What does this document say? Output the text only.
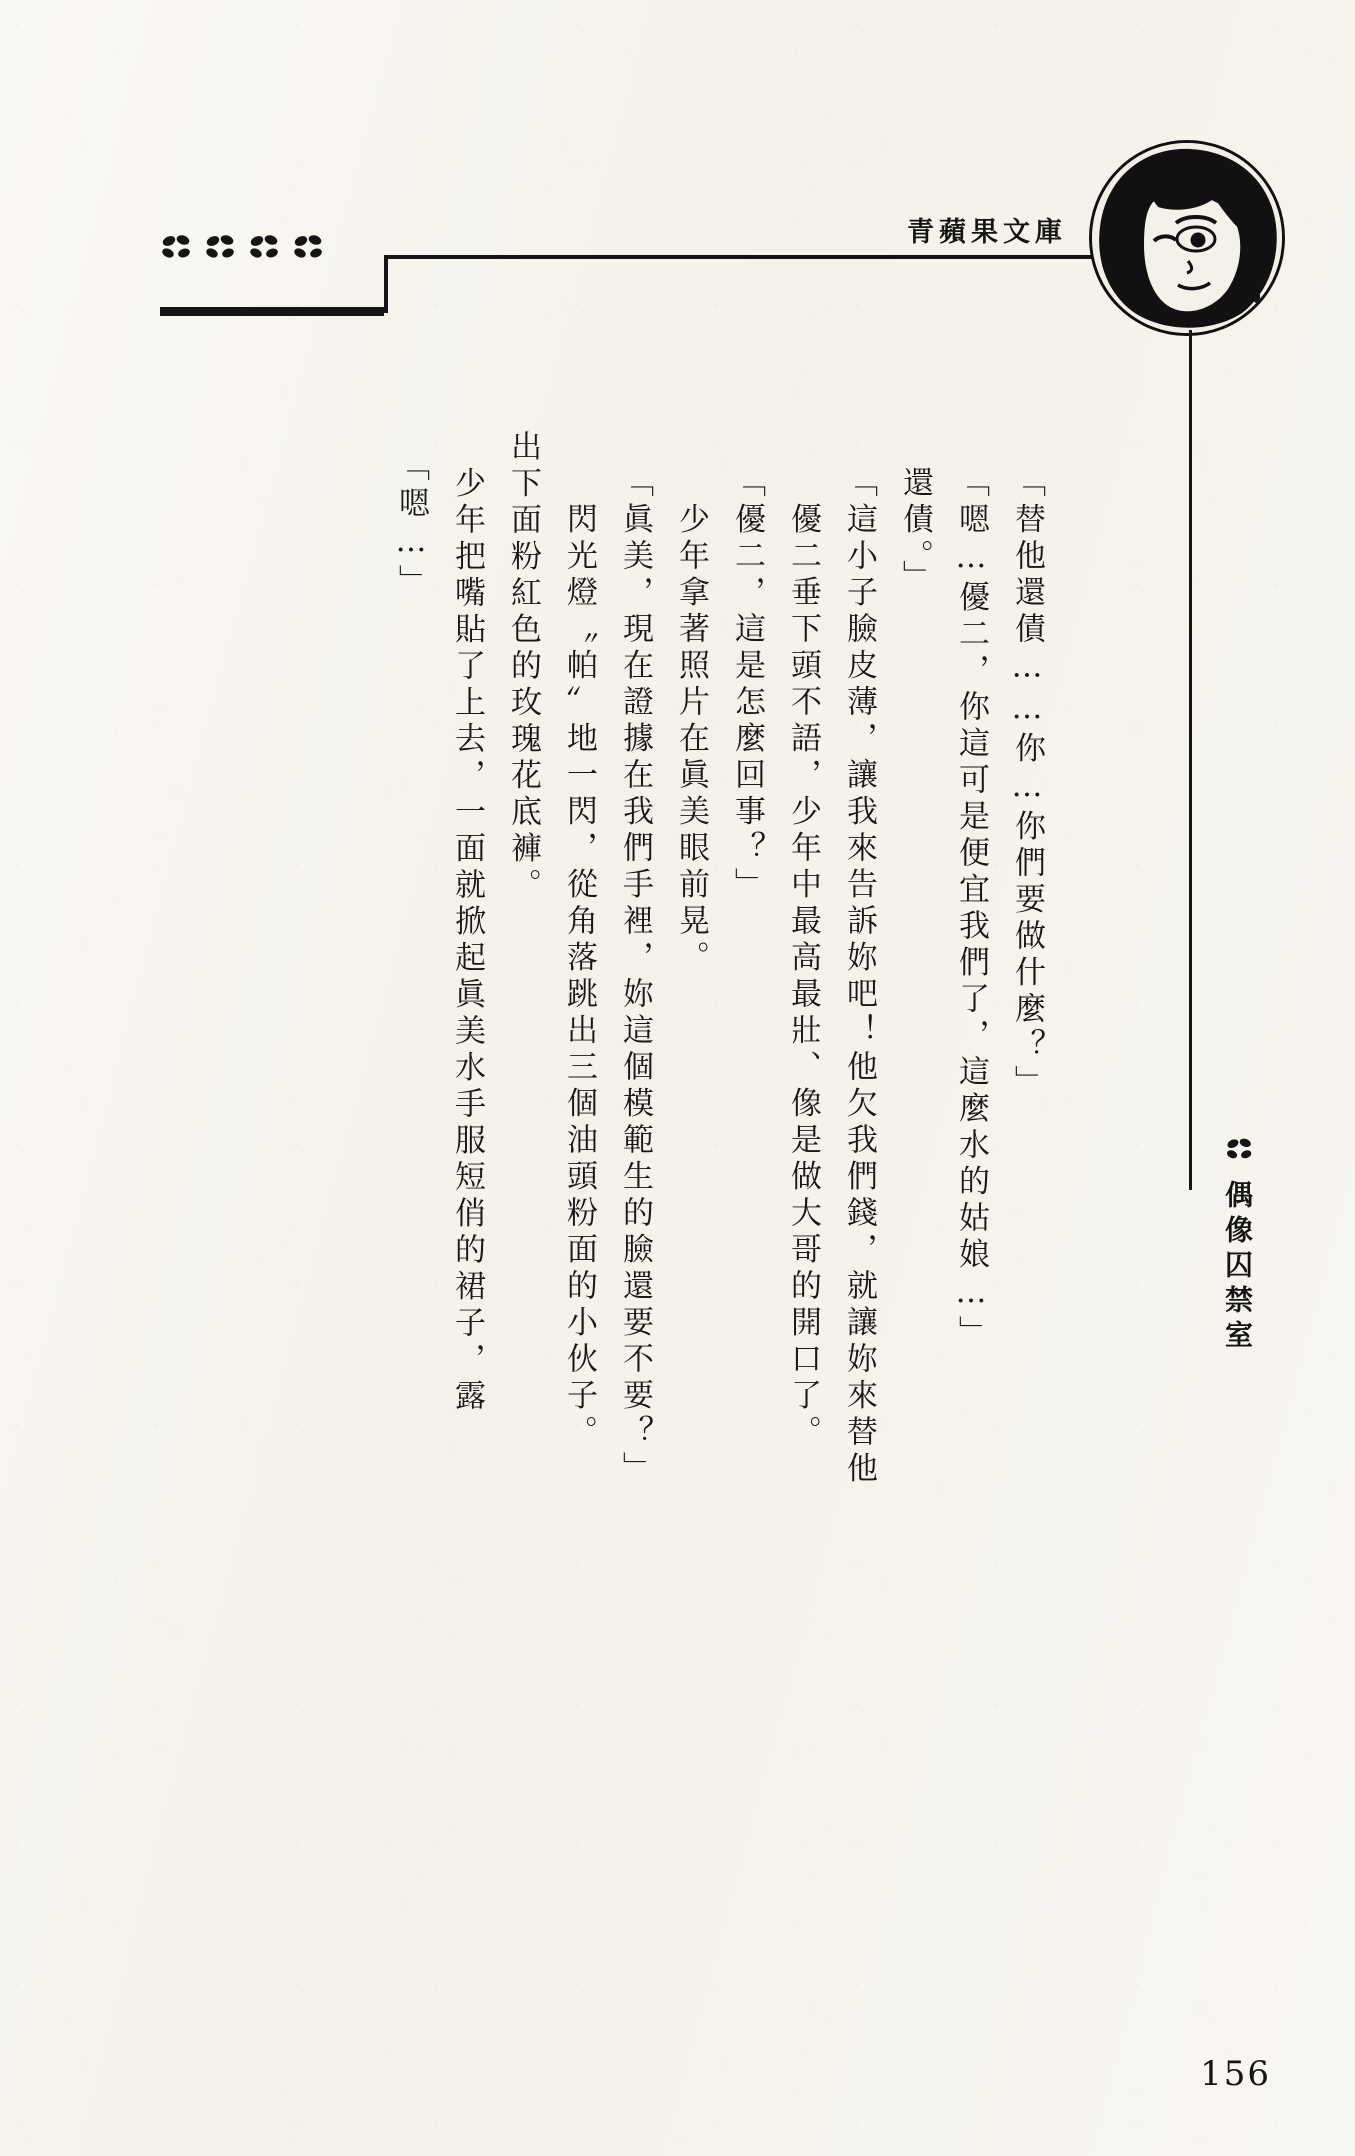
青蘋果文庫
偶像囚禁室
「嗯…」 　少年把嘴貼了上去，一面就掀起眞美水手服短俏的裙子，露 出下面粉紅色的玫瑰花底褲。 　閃光燈〝帕〞地一閃，從角落跳出三個油頭粉面的小伙子。 「眞美，現在證據在我們手裡，妳這個模範生的臉還要不要？」 　少年拿著照片在眞美眼前晃。 「優二，這是怎麼回事？」 　優二垂下頭不語，少年中最高最壯、像是做大哥的開口了。 「這小子臉皮薄，讓我來告訴妳吧！他欠我們錢，就讓妳來替他 還債。」 「嗯…優二，你這可是便宜我們了，這麼水的姑娘…」 「替他還債……你…你們要做什麼？」
156
